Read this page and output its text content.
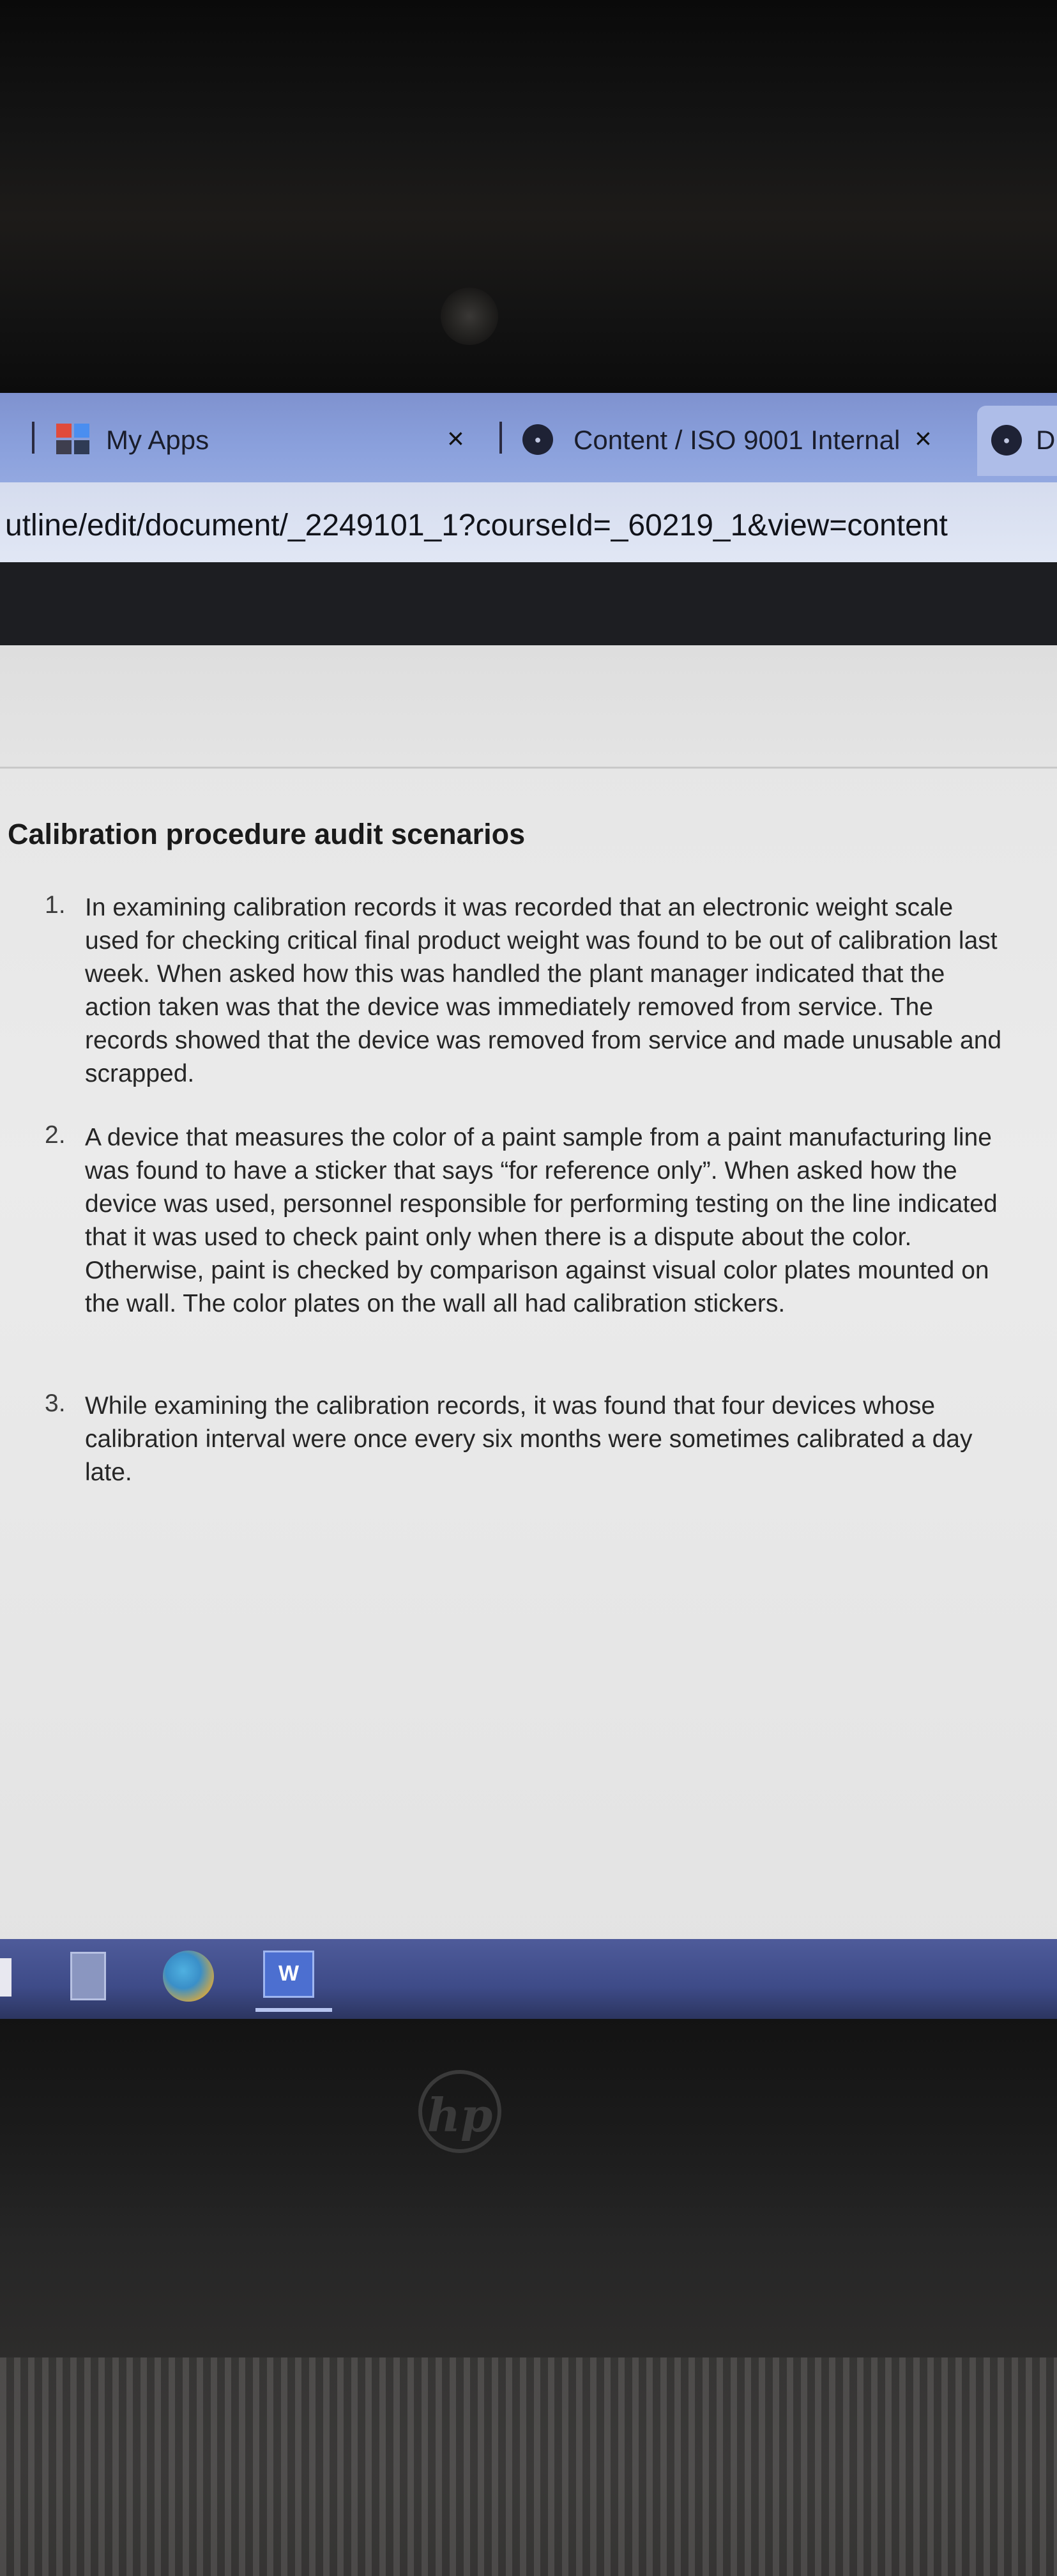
My Apps	×	●	Content / ISO 9001 Internal ×	● D
utline/edit/document/_2249101_1?courseId=_60219_1&view=content
Calibration procedure audit scenarios
1. In examining calibration records it was recorded that an electronic weight scale used for checking critical final product weight was found to be out of calibration last week. When asked how this was handled the plant manager indicated that the action taken was that the device was immediately removed from service. The records showed that the device was removed from service and made unusable and scrapped.
2. A device that measures the color of a paint sample from a paint manufacturing line was found to have a sticker that says “for reference only”. When asked how the device was used, personnel responsible for performing testing on the line indicated that it was used to check paint only when there is a dispute about the color. Otherwise, paint is checked by comparison against visual color plates mounted on the wall. The color plates on the wall all had calibration stickers.
3. While examining the calibration records, it was found that four devices whose calibration interval were once every six months were sometimes calibrated a day late.
W
hp
